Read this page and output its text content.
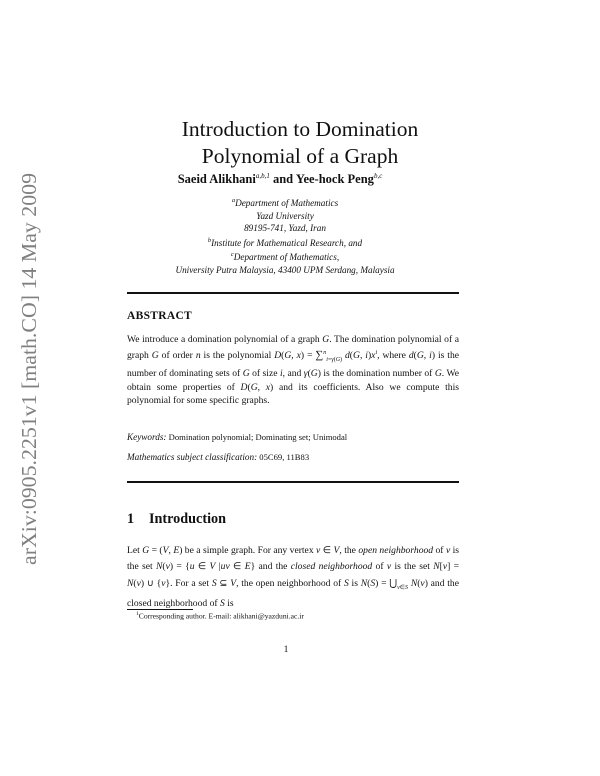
arXiv:0905.2251v1 [math.CO] 14 May 2009
Introduction to Domination
Polynomial of a Graph
Saeid Alikhani$^{a,b,1}$ and Yee-hock Peng$^{b,c}$
$^a$Department of Mathematics
Yazd University
89195-741, Yazd, Iran
$^b$Institute for Mathematical Research, and
$^c$Department of Mathematics,
University Putra Malaysia, 43400 UPM Serdang, Malaysia
ABSTRACT
We introduce a domination polynomial of a graph G. The domination polynomial of a graph G of order n is the polynomial D(G, x) = ∑$^n_{i=\gamma(G)}$ d(G, $i)x^i$, where d(G, i) is the number of dominating sets of G of size i, and γ(G) is the domination number of G. We obtain some properties of D(G, x) and its coefficients. Also we compute this polynomial for some specific graphs.
Keywords: Domination polynomial; Dominating set; Unimodal
Mathematics subject classification: 05C69, 11B83
1 Introduction
Let G = (V, E) be a simple graph. For any vertex v ∈ V, the open neighborhood of v is the set N(v) = {u ∈ V |uv ∈ E} and the closed neighborhood of v is the set N[v] = N(v) ∪ {v}. For a set S ⊆ V, the open neighborhood of S is $N(S) = ⋃_{v\in S}$ N(v) and the closed neighborhood of S is
$^1$Corresponding author. E-mail: alikhani@yazduni.ac.ir
1
